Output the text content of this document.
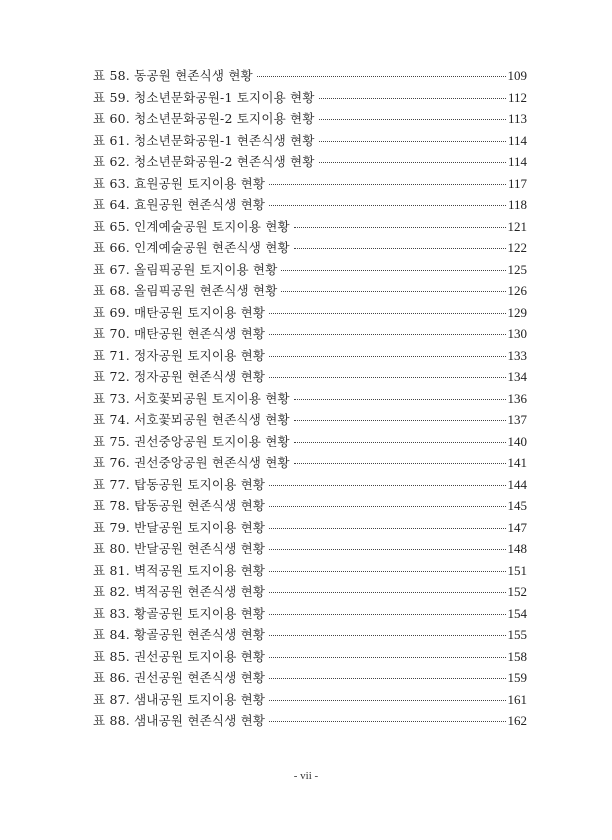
표 58. 동공원 현존식생 현황	109
표 59. 청소년문화공원-1 토지이용 현황	112
표 60. 청소년문화공원-2 토지이용 현황	113
표 61. 청소년문화공원-1 현존식생 현황	114
표 62. 청소년문화공원-2 현존식생 현황	114
표 63. 효원공원 토지이용 현황	117
표 64. 효원공원 현존식생 현황	118
표 65. 인계예술공원 토지이용 현황	121
표 66. 인계예술공원 현존식생 현황	122
표 67. 올림픽공원 토지이용 현황	125
표 68. 올림픽공원 현존식생 현황	126
표 69. 매탄공원 토지이용 현황	129
표 70. 매탄공원 현존식생 현황	130
표 71. 정자공원 토지이용 현황	133
표 72. 정자공원 현존식생 현황	134
표 73. 서호꽃뫼공원 토지이용 현황	136
표 74. 서호꽃뫼공원 현존식생 현황	137
표 75. 권선중앙공원 토지이용 현황	140
표 76. 권선중앙공원 현존식생 현황	141
표 77. 탑동공원 토지이용 현황	144
표 78. 탑동공원 현존식생 현황	145
표 79. 반달공원 토지이용 현황	147
표 80. 반달공원 현존식생 현황	148
표 81. 벽적공원 토지이용 현황	151
표 82. 벽적공원 현존식생 현황	152
표 83. 황골공원 토지이용 현황	154
표 84. 황골공원 현존식생 현황	155
표 85. 권선공원 토지이용 현황	158
표 86. 권선공원 현존식생 현황	159
표 87. 샘내공원 토지이용 현황	161
표 88. 샘내공원 현존식생 현황	162
- vii -
